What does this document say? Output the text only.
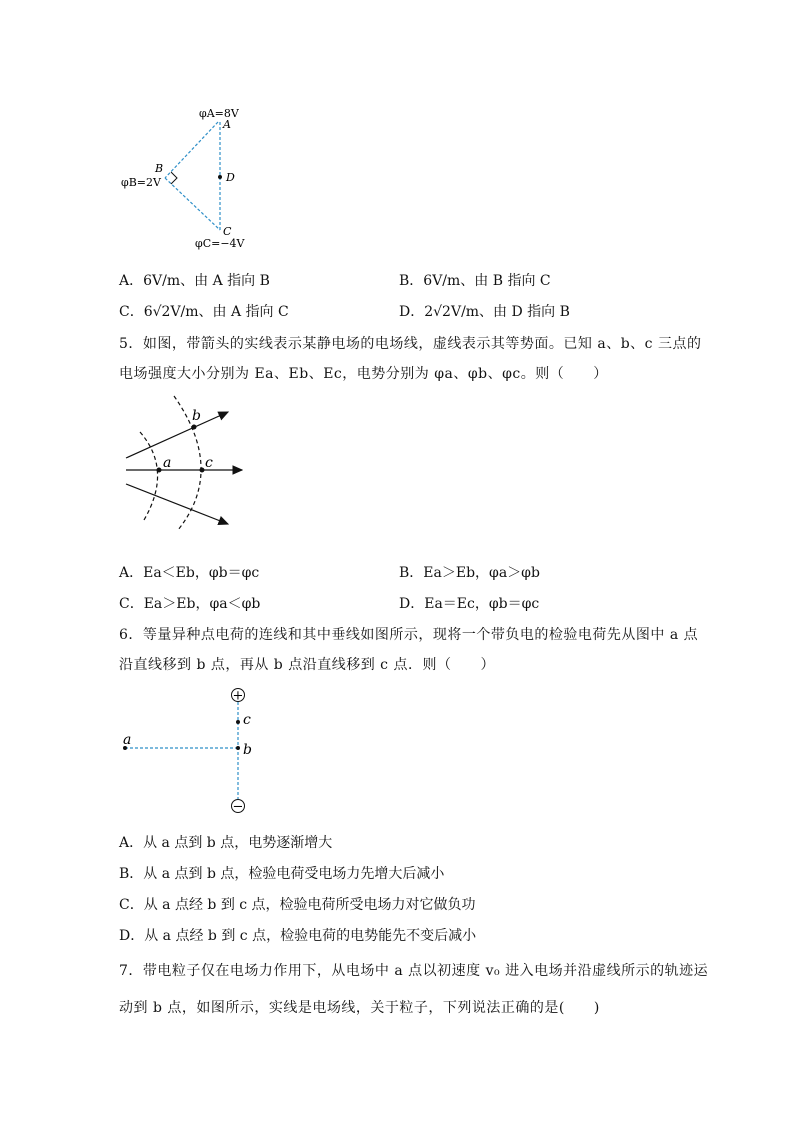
φA=8V
A
B
φB=2V	D
C
φC=−4V
A．6V/m、由 A 指向 B	B．6V/m、由 B 指向 C
C．6√2V/m、由 A 指向 C	D．2√2V/m、由 D 指向 B
5．如图，带箭头的实线表示某静电场的电场线，虚线表示其等势面。已知 a、b、c 三点的
电场强度大小分别为 Ea、Eb、Ec，电势分别为 φa、φb、φc。则（　　）
a
b
c
A．Ea＜Eb，φb＝φc	B．Ea＞Eb，φa＞φb
C．Ea＞Eb，φa＜φb	D．Ea＝Ec，φb＝φc
6．等量异种点电荷的连线和其中垂线如图所示，现将一个带负电的检验电荷先从图中 a 点
沿直线移到 b 点，再从 b 点沿直线移到 c 点．则（　　）
+
−
a
b
c
A．从 a 点到 b 点，电势逐渐增大
B．从 a 点到 b 点，检验电荷受电场力先增大后减小
C．从 a 点经 b 到 c 点，检验电荷所受电场力对它做负功
D．从 a 点经 b 到 c 点，检验电荷的电势能先不变后减小
7．带电粒子仅在电场力作用下，从电场中 a 点以初速度 v₀ 进入电场并沿虚线所示的轨迹运
动到 b 点，如图所示，实线是电场线，关于粒子，下列说法正确的是(　　)
